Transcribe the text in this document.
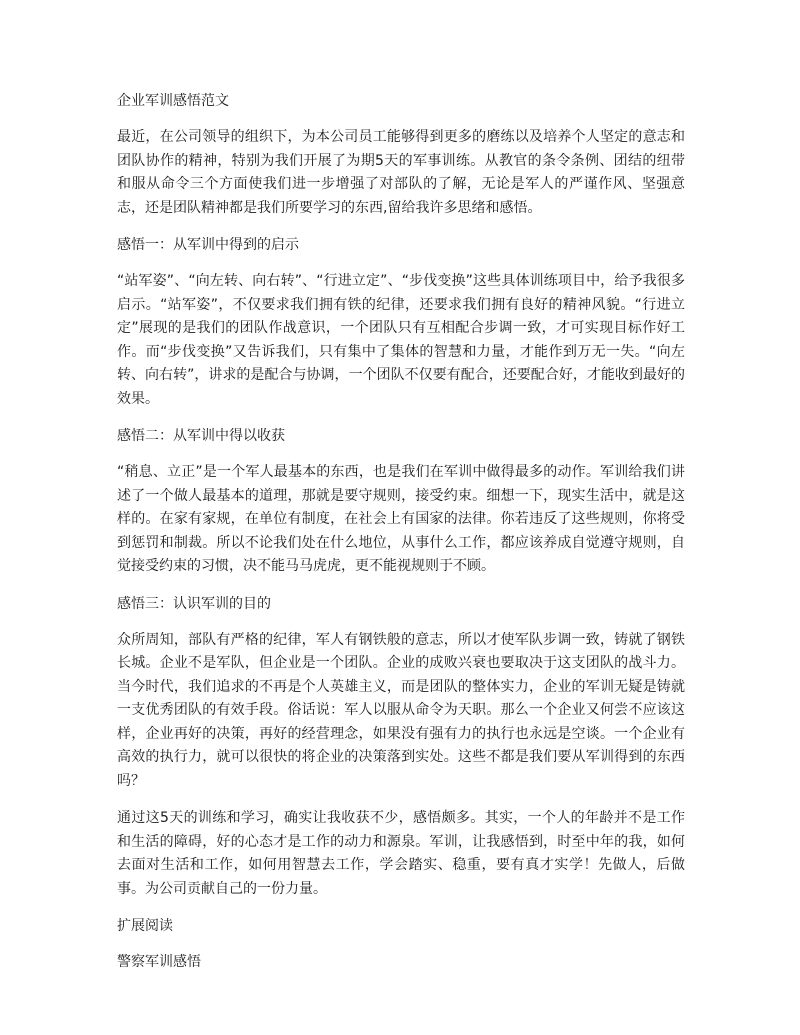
企业军训感悟范文

最近，在公司领导的组织下，为本公司员工能够得到更多的磨练以及培养个人坚定的意志和团队协作的精神，特别为我们开展了为期5天的军事训练。从教官的条令条例、团结的纽带和服从命令三个方面使我们进一步增强了对部队的了解，无论是军人的严谨作风、坚强意志，还是团队精神都是我们所要学习的东西,留给我许多思绪和感悟。

感悟一：从军训中得到的启示

“站军姿”、“向左转、向右转”、“行进立定”、“步伐变换”这些具体训练项目中，给予我很多启示。“站军姿”，不仅要求我们拥有铁的纪律，还要求我们拥有良好的精神风貌。“行进立定”展现的是我们的团队作战意识，一个团队只有互相配合步调一致，才可实现目标作好工作。而“步伐变换”又告诉我们，只有集中了集体的智慧和力量，才能作到万无一失。“向左转、向右转”，讲求的是配合与协调，一个团队不仅要有配合，还要配合好，才能收到最好的效果。

感悟二：从军训中得以收获

“稍息、立正”是一个军人最基本的东西，也是我们在军训中做得最多的动作。军训给我们讲述了一个做人最基本的道理，那就是要守规则，接受约束。细想一下，现实生活中，就是这样的。在家有家规，在单位有制度，在社会上有国家的法律。你若违反了这些规则，你将受到惩罚和制裁。所以不论我们处在什么地位，从事什么工作，都应该养成自觉遵守规则，自觉接受约束的习惯，决不能马马虎虎，更不能视规则于不顾。

感悟三：认识军训的目的

众所周知，部队有严格的纪律，军人有钢铁般的意志，所以才使军队步调一致，铸就了钢铁长城。企业不是军队，但企业是一个团队。企业的成败兴衰也要取决于这支团队的战斗力。当今时代，我们追求的不再是个人英雄主义，而是团队的整体实力，企业的军训无疑是铸就一支优秀团队的有效手段。俗话说：军人以服从命令为天职。那么一个企业又何尝不应该这样，企业再好的决策，再好的经营理念，如果没有强有力的执行也永远是空谈。一个企业有高效的执行力，就可以很快的将企业的决策落到实处。这些不都是我们要从军训得到的东西吗？

通过这5天的训练和学习，确实让我收获不少，感悟颇多。其实，一个人的年龄并不是工作和生活的障碍，好的心态才是工作的动力和源泉。军训，让我感悟到，时至中年的我，如何去面对生活和工作，如何用智慧去工作，学会踏实、稳重，要有真才实学！先做人，后做事。为公司贡献自己的一份力量。

扩展阅读
警察军训感悟
